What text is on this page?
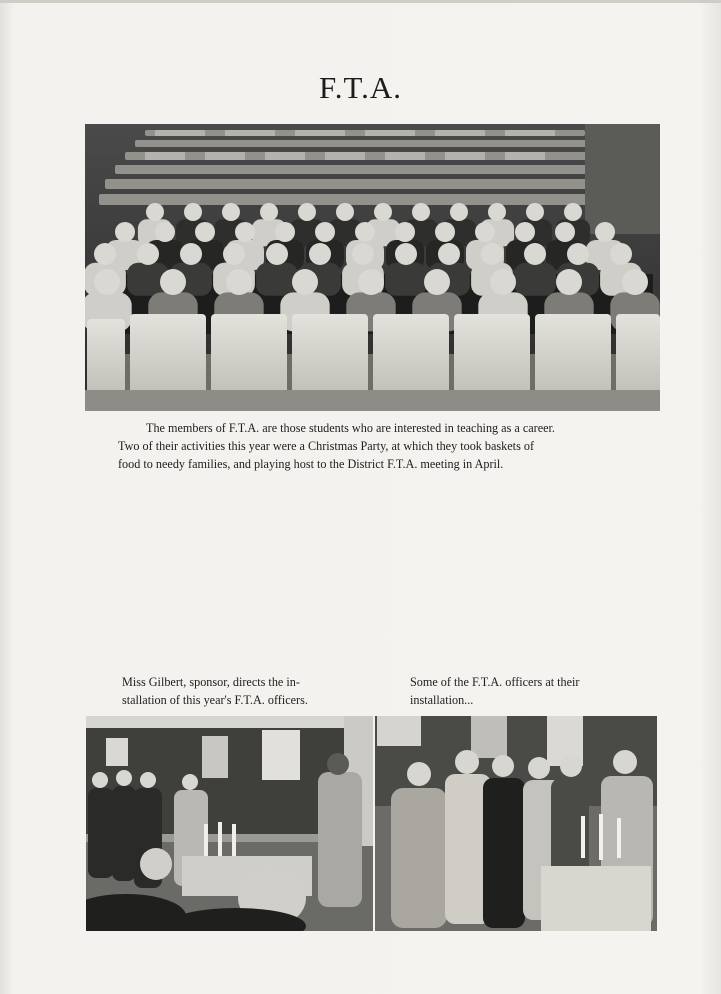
F.T.A.
The members of F.T.A. are those students who are interested in teaching as a career.
Two of their activities this year were a Christmas Party, at which they took baskets of
food to needy families, and playing host to the District F.T.A. meeting in April.
Miss Gilbert, sponsor, directs the in-
stallation of this year's F.T.A. officers.
Some of the F.T.A. officers at their
installation...
